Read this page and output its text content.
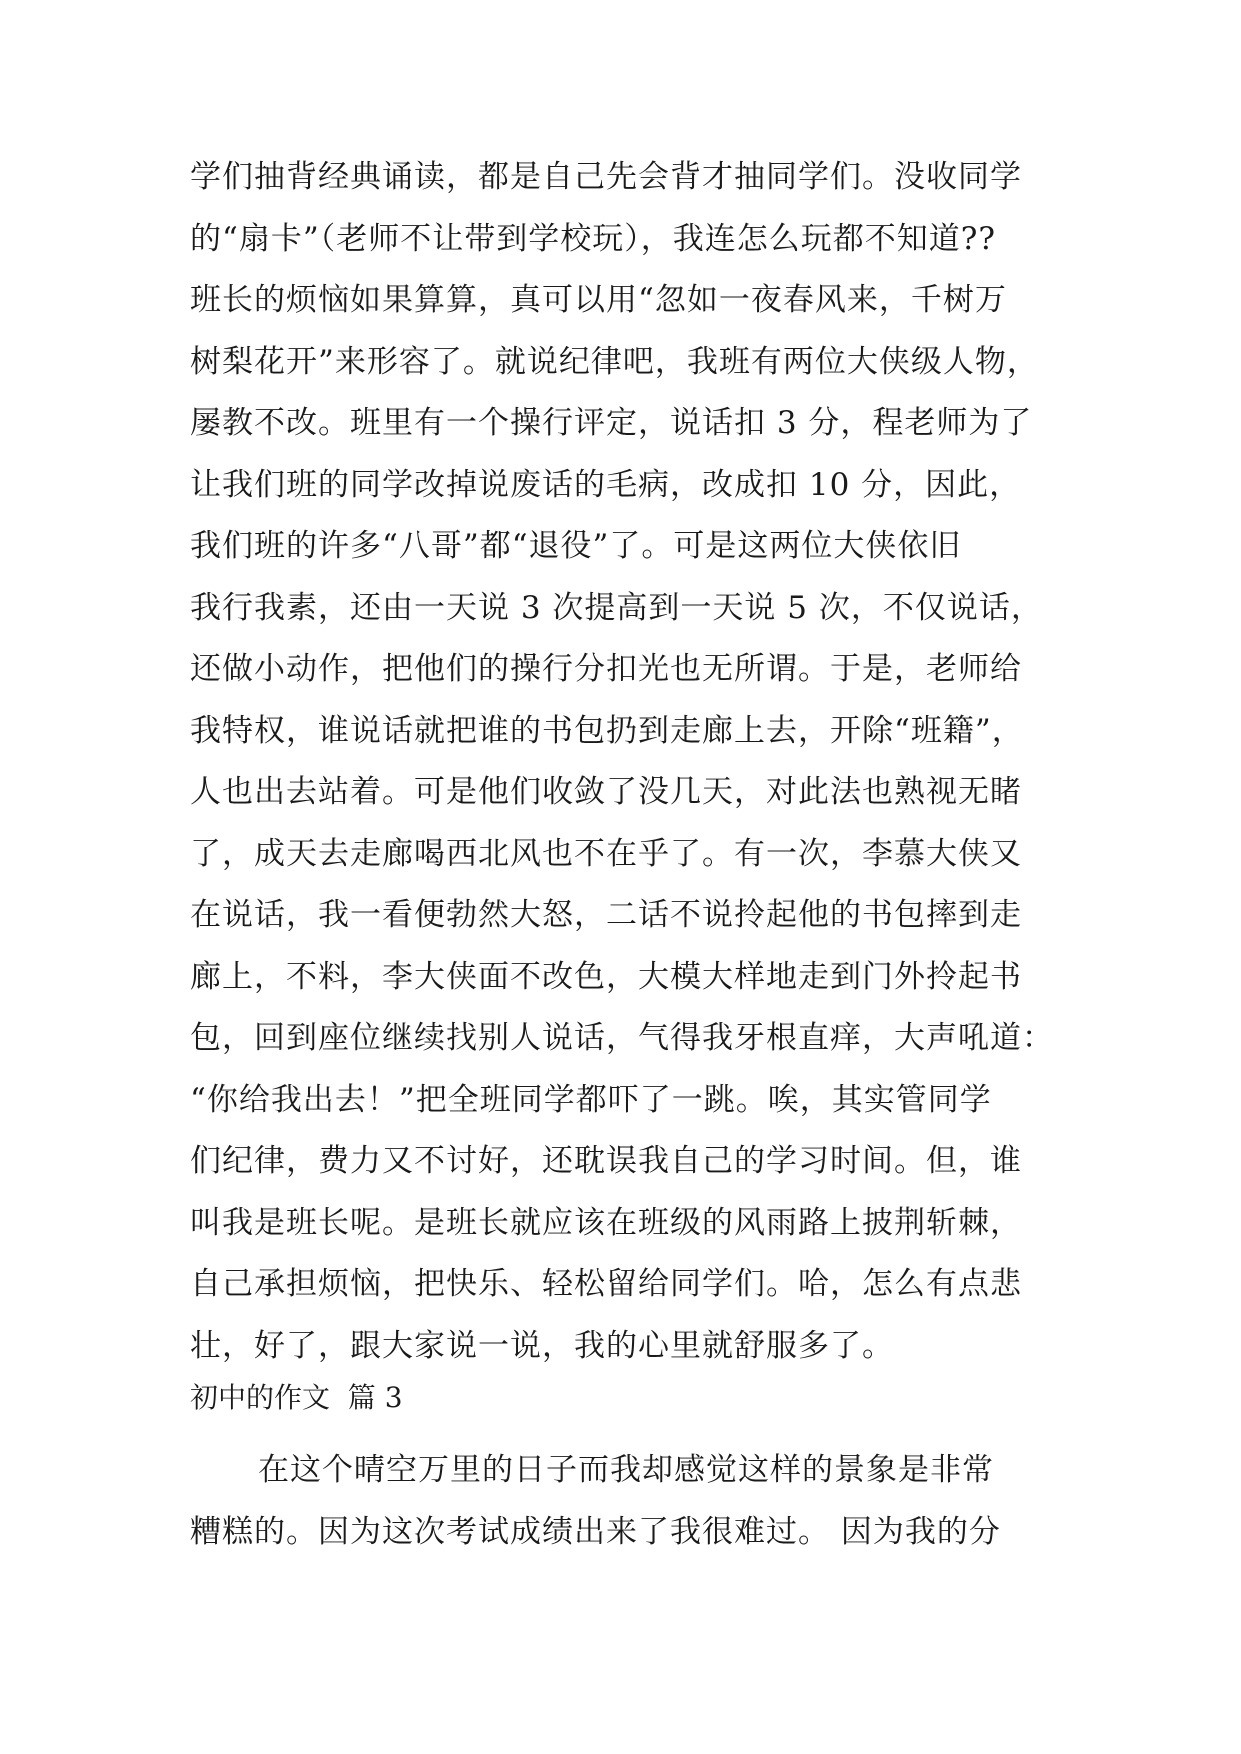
学们抽背经典诵读，都是自己先会背才抽同学们。没收同学
的“扇卡”（老师不让带到学校玩），我连怎么玩都不知道??
班长的烦恼如果算算，真可以用“忽如一夜春风来，千树万
树梨花开”来形容了。就说纪律吧，我班有两位大侠级人物，
屡教不改。班里有一个操行评定，说话扣 3 分，程老师为了
让我们班的同学改掉说废话的毛病，改成扣 10 分，因此，
我们班的许多“八哥”都“退役”了。可是这两位大侠依旧
我行我素，还由一天说 3 次提高到一天说 5 次，不仅说话，
还做小动作，把他们的操行分扣光也无所谓。于是，老师给
我特权，谁说话就把谁的书包扔到走廊上去，开除“班籍”，
人也出去站着。可是他们收敛了没几天，对此法也熟视无睹
了，成天去走廊喝西北风也不在乎了。有一次，李慕大侠又
在说话，我一看便勃然大怒，二话不说拎起他的书包摔到走
廊上，不料，李大侠面不改色，大模大样地走到门外拎起书
包，回到座位继续找别人说话，气得我牙根直痒，大声吼道：
“你给我出去！”把全班同学都吓了一跳。唉，其实管同学
们纪律，费力又不讨好，还耽误我自己的学习时间。但，谁
叫我是班长呢。是班长就应该在班级的风雨路上披荆斩棘，
自己承担烦恼，把快乐、轻松留给同学们。哈，怎么有点悲
壮，好了，跟大家说一说，我的心里就舒服多了。
初中的作文  篇 3
在这个晴空万里的日子而我却感觉这样的景象是非常
糟糕的。因为这次考试成绩出来了我很难过。 因为我的分
